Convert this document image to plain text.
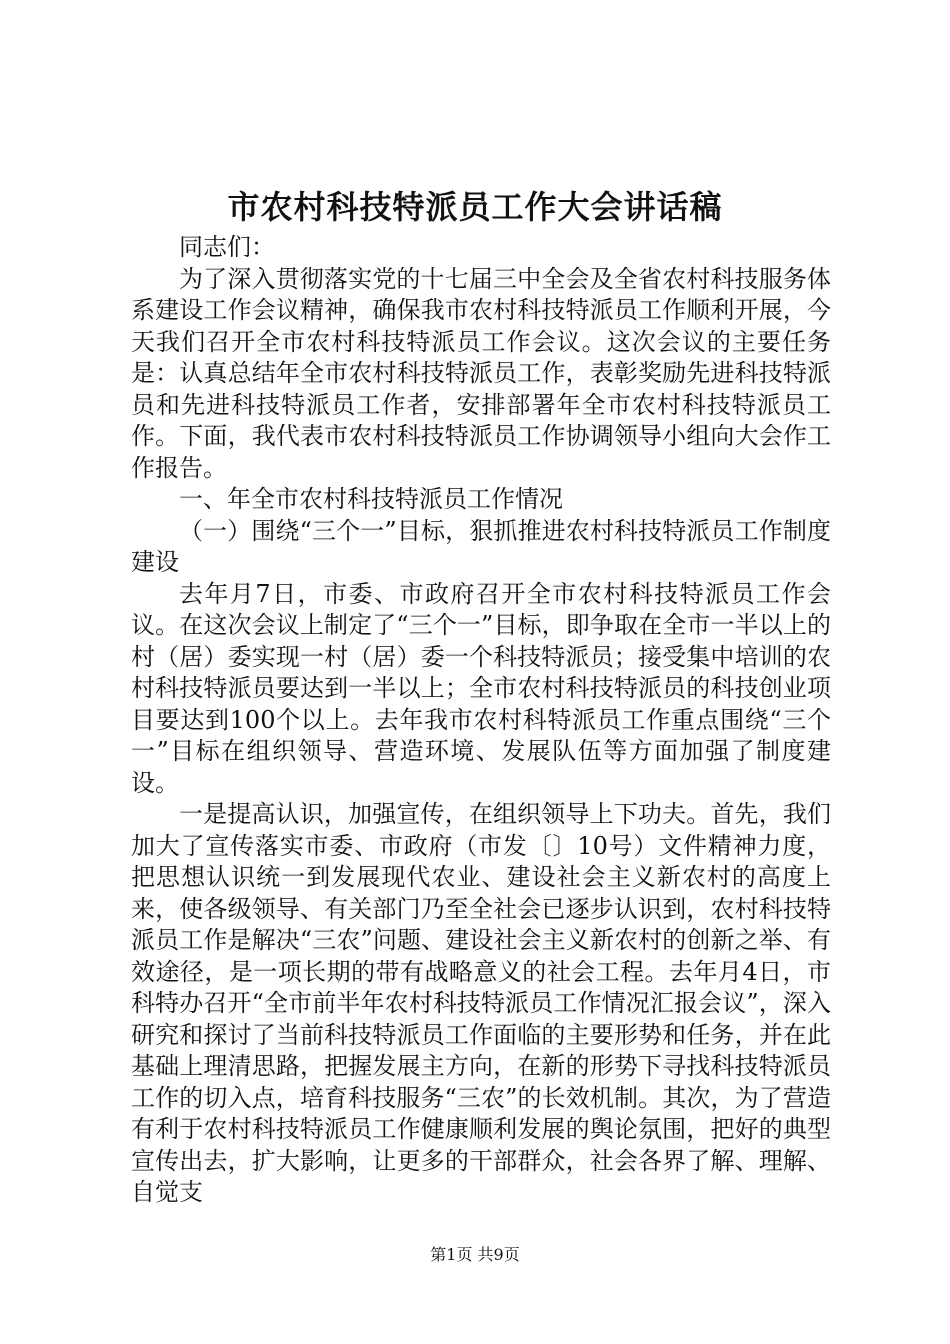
市农村科技特派员工作大会讲话稿

同志们：

为了深入贯彻落实党的十七届三中全会及全省农村科技服务体系建设工作会议精神，确保我市农村科技特派员工作顺利开展，今天我们召开全市农村科技特派员工作会议。这次会议的主要任务是：认真总结年全市农村科技特派员工作，表彰奖励先进科技特派员和先进科技特派员工作者，安排部署年全市农村科技特派员工作。下面，我代表市农村科技特派员工作协调领导小组向大会作工作报告。

一、年全市农村科技特派员工作情况

（一）围绕“三个一”目标，狠抓推进农村科技特派员工作制度建设

去年月7日，市委、市政府召开全市农村科技特派员工作会议。在这次会议上制定了“三个一”目标，即争取在全市一半以上的村（居）委实现一村（居）委一个科技特派员；接受集中培训的农村科技特派员要达到一半以上；全市农村科技特派员的科技创业项目要达到100个以上。去年我市农村科特派员工作重点围绕“三个一”目标在组织领导、营造环境、发展队伍等方面加强了制度建设。

一是提高认识，加强宣传，在组织领导上下功夫。首先，我们加大了宣传落实市委、市政府（市发〔〕10号）文件精神力度，把思想认识统一到发展现代农业、建设社会主义新农村的高度上来，使各级领导、有关部门乃至全社会已逐步认识到，农村科技特派员工作是解决“三农”问题、建设社会主义新农村的创新之举、有效途径，是一项长期的带有战略意义的社会工程。去年月4日，市科特办召开“全市前半年农村科技特派员工作情况汇报会议”，深入研究和探讨了当前科技特派员工作面临的主要形势和任务，并在此基础上理清思路，把握发展主方向，在新的形势下寻找科技特派员工作的切入点，培育科技服务“三农”的长效机制。其次，为了营造有利于农村科技特派员工作健康顺利发展的舆论氛围，把好的典型宣传出去，扩大影响，让更多的干部群众，社会各界了解、理解、自觉支

第1页 共9页
